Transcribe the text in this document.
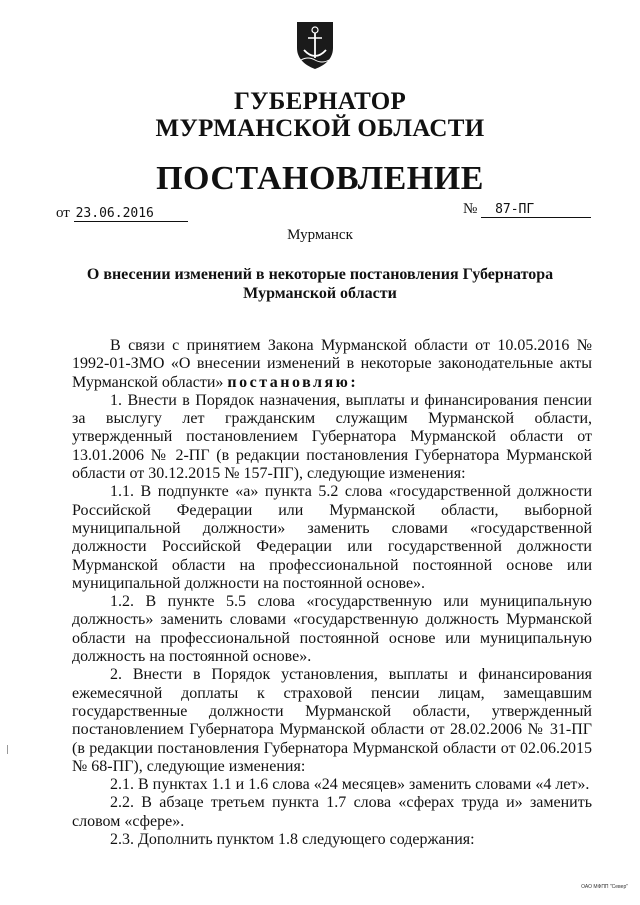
ГУБЕРНАТОР
МУРМАНСКОЙ ОБЛАСТИ
ПОСТАНОВЛЕНИЕ
от 23.06.2016	№ 87-ПГ
Мурманск
О внесении изменений в некоторые постановления Губернатора Мурманской области

В связи с принятием Закона Мурманской области от 10.05.2016 № 1992-01-ЗМО «О внесении изменений в некоторые законодательные акты Мурманской области» постановляю:

1. Внести в Порядок назначения, выплаты и финансирования пенсии за выслугу лет гражданским служащим Мурманской области, утвержденный постановлением Губернатора Мурманской области от 13.01.2006 № 2-ПГ (в редакции постановления Губернатора Мурманской области от 30.12.2015 № 157-ПГ), следующие изменения:

1.1. В подпункте «а» пункта 5.2 слова «государственной должности Российской Федерации или Мурманской области, выборной муниципальной должности» заменить словами «государственной должности Российской Федерации или государственной должности Мурманской области на профессиональной постоянной основе или муниципальной должности на постоянной основе».

1.2. В пункте 5.5 слова «государственную или муниципальную должность» заменить словами «государственную должность Мурманской области на профессиональной постоянной основе или муниципальную должность на постоянной основе».

2. Внести в Порядок установления, выплаты и финансирования ежемесячной доплаты к страховой пенсии лицам, замещавшим государственные должности Мурманской области, утвержденный постановлением Губернатора Мурманской области от 28.02.2006 № 31-ПГ (в редакции постановления Губернатора Мурманской области от 02.06.2015 № 68-ПГ), следующие изменения:

2.1. В пунктах 1.1 и 1.6 слова «24 месяцев» заменить словами «4 лет».

2.2. В абзаце третьем пункта 1.7 слова «сферах труда и» заменить словом «сфере».

2.3. Дополнить пунктом 1.8 следующего содержания:

ОАО МФПП "Север"
